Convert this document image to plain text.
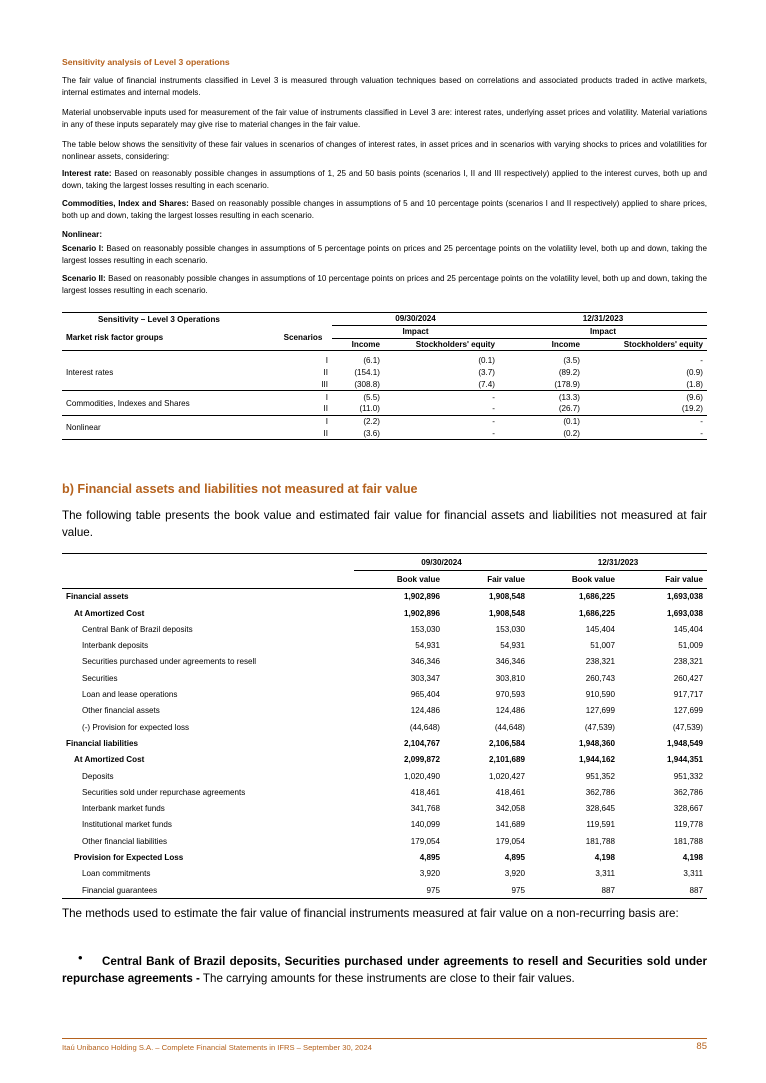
Sensitivity analysis of Level 3 operations
The fair value of financial instruments classified in Level 3 is measured through valuation techniques based on correlations and associated products traded in active markets, internal estimates and internal models.
Material unobservable inputs used for measurement of the fair value of instruments classified in Level 3 are: interest rates, underlying asset prices and volatility. Material variations in any of these inputs separately may give rise to material changes in the fair value.
The table below shows the sensitivity of these fair values in scenarios of changes of interest rates, in asset prices and in scenarios with varying shocks to prices and volatilities for nonlinear assets, considering:
Interest rate: Based on reasonably possible changes in assumptions of 1, 25 and 50 basis points (scenarios I, II and III respectively) applied to the interest curves, both up and down, taking the largest losses resulting in each scenario.
Commodities, Index and Shares: Based on reasonably possible changes in assumptions of 5 and 10 percentage points (scenarios I and II respectively) applied to share prices, both up and down, taking the largest losses resulting in each scenario.
Nonlinear:
Scenario I: Based on reasonably possible changes in assumptions of 5 percentage points on prices and 25 percentage points on the volatility level, both up and down, taking the largest losses resulting in each scenario.
Scenario II: Based on reasonably possible changes in assumptions of 10 percentage points on prices and 25 percentage points on the volatility level, both up and down, taking the largest losses resulting in each scenario.
Sensitivity – Level 3 Operations		09/30/2024		12/31/2023	
Market risk factor groups	Scenarios	Impact		Impact	
		Income	Stockholders' equity	Income	Stockholders' equity

Interest rates	I	(6.1)	(0.1)	(3.5)	-
	II	(154.1)	(3.7)	(89.2)	(0.9)
	III	(308.8)	(7.4)	(178.9)	(1.8)
Commodities, Indexes and Shares	I	(5.5)	-	(13.3)	(9.6)
	II	(11.0)	-	(26.7)	(19.2)
Nonlinear	I	(2.2)	-	(0.1)	-
	II	(3.6)	-	(0.2)	-
b) Financial assets and liabilities not measured at fair value
The following table presents the book value and estimated fair value for financial assets and liabilities not measured at fair value.
	09/30/2024		12/31/2023	
	Book value	Fair value	Book value	Fair value
Financial assets	1,902,896	1,908,548	1,686,225	1,693,038
At Amortized Cost	1,902,896	1,908,548	1,686,225	1,693,038
Central Bank of Brazil deposits	153,030	153,030	145,404	145,404
Interbank deposits	54,931	54,931	51,007	51,009
Securities purchased under agreements to resell	346,346	346,346	238,321	238,321
Securities	303,347	303,810	260,743	260,427
Loan and lease operations	965,404	970,593	910,590	917,717
Other financial assets	124,486	124,486	127,699	127,699
(-) Provision for expected loss	(44,648)	(44,648)	(47,539)	(47,539)
Financial liabilities	2,104,767	2,106,584	1,948,360	1,948,549
At Amortized Cost	2,099,872	2,101,689	1,944,162	1,944,351
Deposits	1,020,490	1,020,427	951,352	951,332
Securities sold under repurchase agreements	418,461	418,461	362,786	362,786
Interbank market funds	341,768	342,058	328,645	328,667
Institutional market funds	140,099	141,689	119,591	119,778
Other financial liabilities	179,054	179,054	181,788	181,788
Provision for Expected Loss	4,895	4,895	4,198	4,198
Loan commitments	3,920	3,920	3,311	3,311
Financial guarantees	975	975	887	887
The methods used to estimate the fair value of financial instruments measured at fair value on a non-recurring basis are:
•	Central Bank of Brazil deposits, Securities purchased under agreements to resell and Securities sold under repurchase agreements - The carrying amounts for these instruments are close to their fair values.
Itaú Unibanco Holding S.A. – Complete Financial Statements in IFRS – September 30, 2024	85
